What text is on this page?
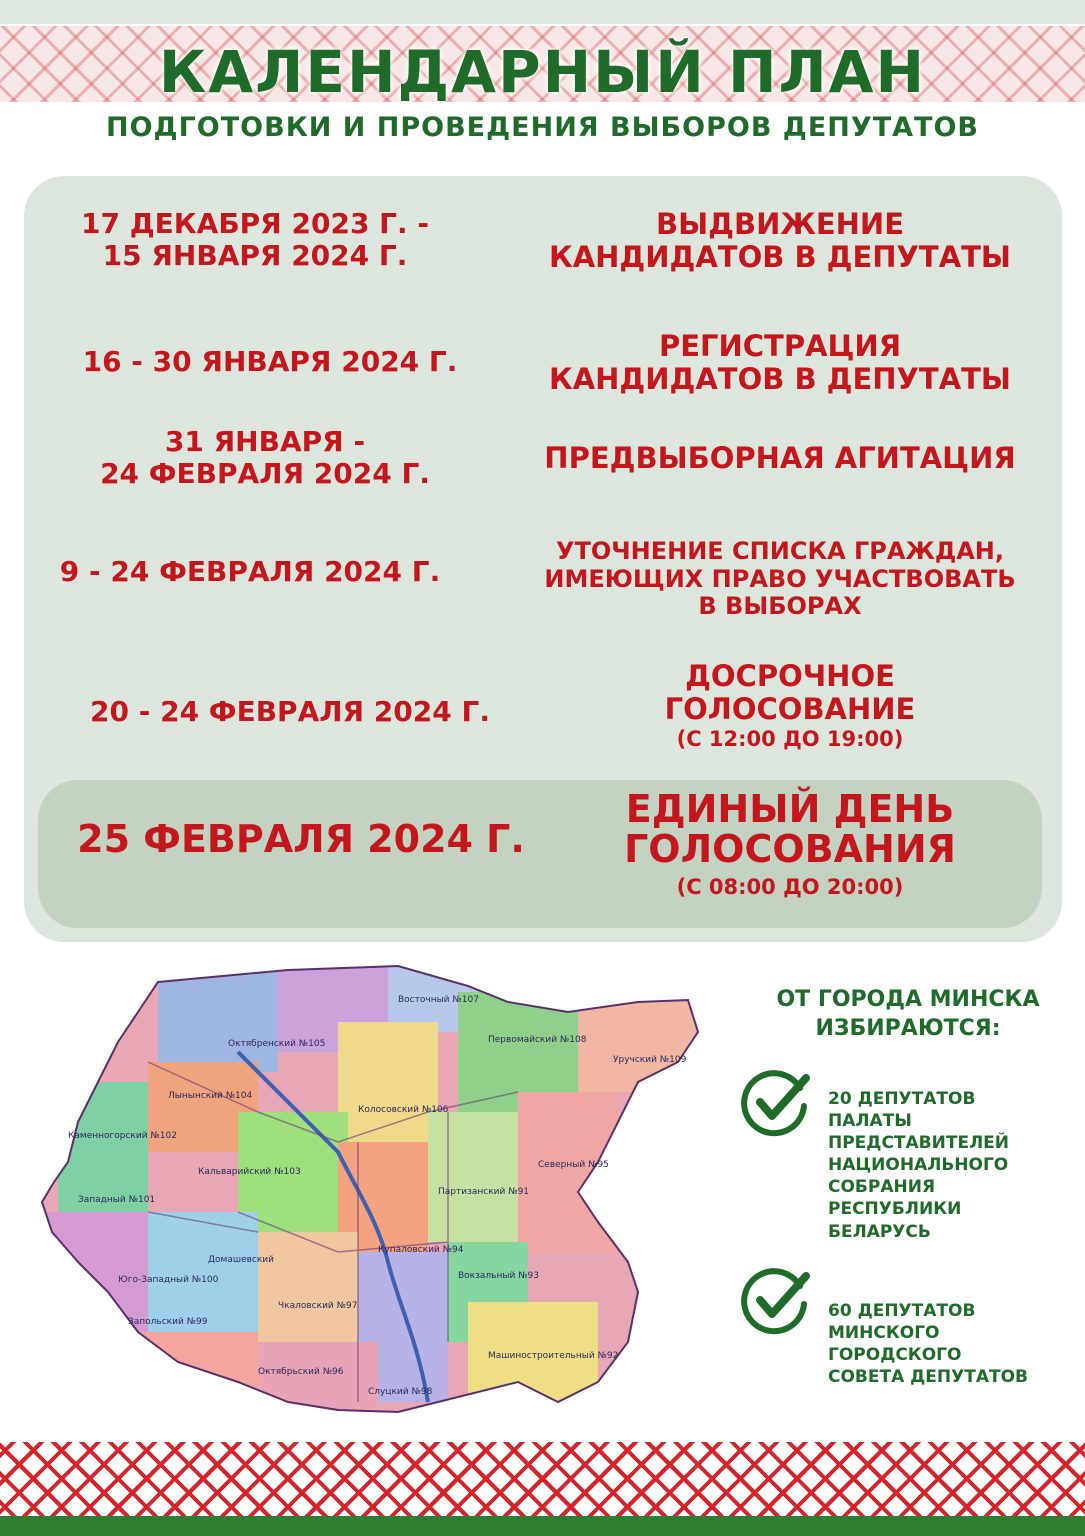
КАЛЕНДАРНЫЙ ПЛАН
ПОДГОТОВКИ И ПРОВЕДЕНИЯ ВЫБОРОВ ДЕПУТАТОВ
17 ДЕКАБРЯ 2023 Г. -
15 ЯНВАРЯ 2024 Г.
ВЫДВИЖЕНИЕ
КАНДИДАТОВ В ДЕПУТАТЫ
16 - 30 ЯНВАРЯ 2024 Г.	РЕГИСТРАЦИЯ
КАНДИДАТОВ В ДЕПУТАТЫ
31 ЯНВАРЯ -
24 ФЕВРАЛЯ 2024 Г.	ПРЕДВЫБОРНАЯ АГИТАЦИЯ
9 - 24 ФЕВРАЛЯ 2024 Г.
УТОЧНЕНИЕ СПИСКА ГРАЖДАН,
ИМЕЮЩИХ ПРАВО УЧАСТВОВАТЬ
В ВЫБОРАХ
20 - 24 ФЕВРАЛЯ 2024 Г.
ДОСРОЧНОЕ
ГОЛОСОВАНИЕ
(С 12:00 ДО 19:00)
25 ФЕВРАЛЯ 2024 Г.
ЕДИНЫЙ ДЕНЬ
ГОЛОСОВАНИЯ
(С 08:00 ДО 20:00)
Восточный №107
Первомайский №108
Уручский №109
Октябренский №105
Колосовский №106
Лынынский №104
Каменногорский №102
Западный №101
Кальварийский №103
Северный №95
Партизанский №91
Юго-Западный №100
Запольский №99
Домашевский
Купаловский №94
Вокзальный №93
Чкаловский №97
Машиностроительный №92
Октябрьский №96
Слуцкий №98
ОТ ГОРОДА МИНСКА
ИЗБИРАЮТСЯ:
20 ДЕПУТАТОВ
ПАЛАТЫ
ПРЕДСТАВИТЕЛЕЙ
НАЦИОНАЛЬНОГО
СОБРАНИЯ
РЕСПУБЛИКИ
БЕЛАРУСЬ
60 ДЕПУТАТОВ
МИНСКОГО
ГОРОДСКОГО
СОВЕТА ДЕПУТАТОВ
